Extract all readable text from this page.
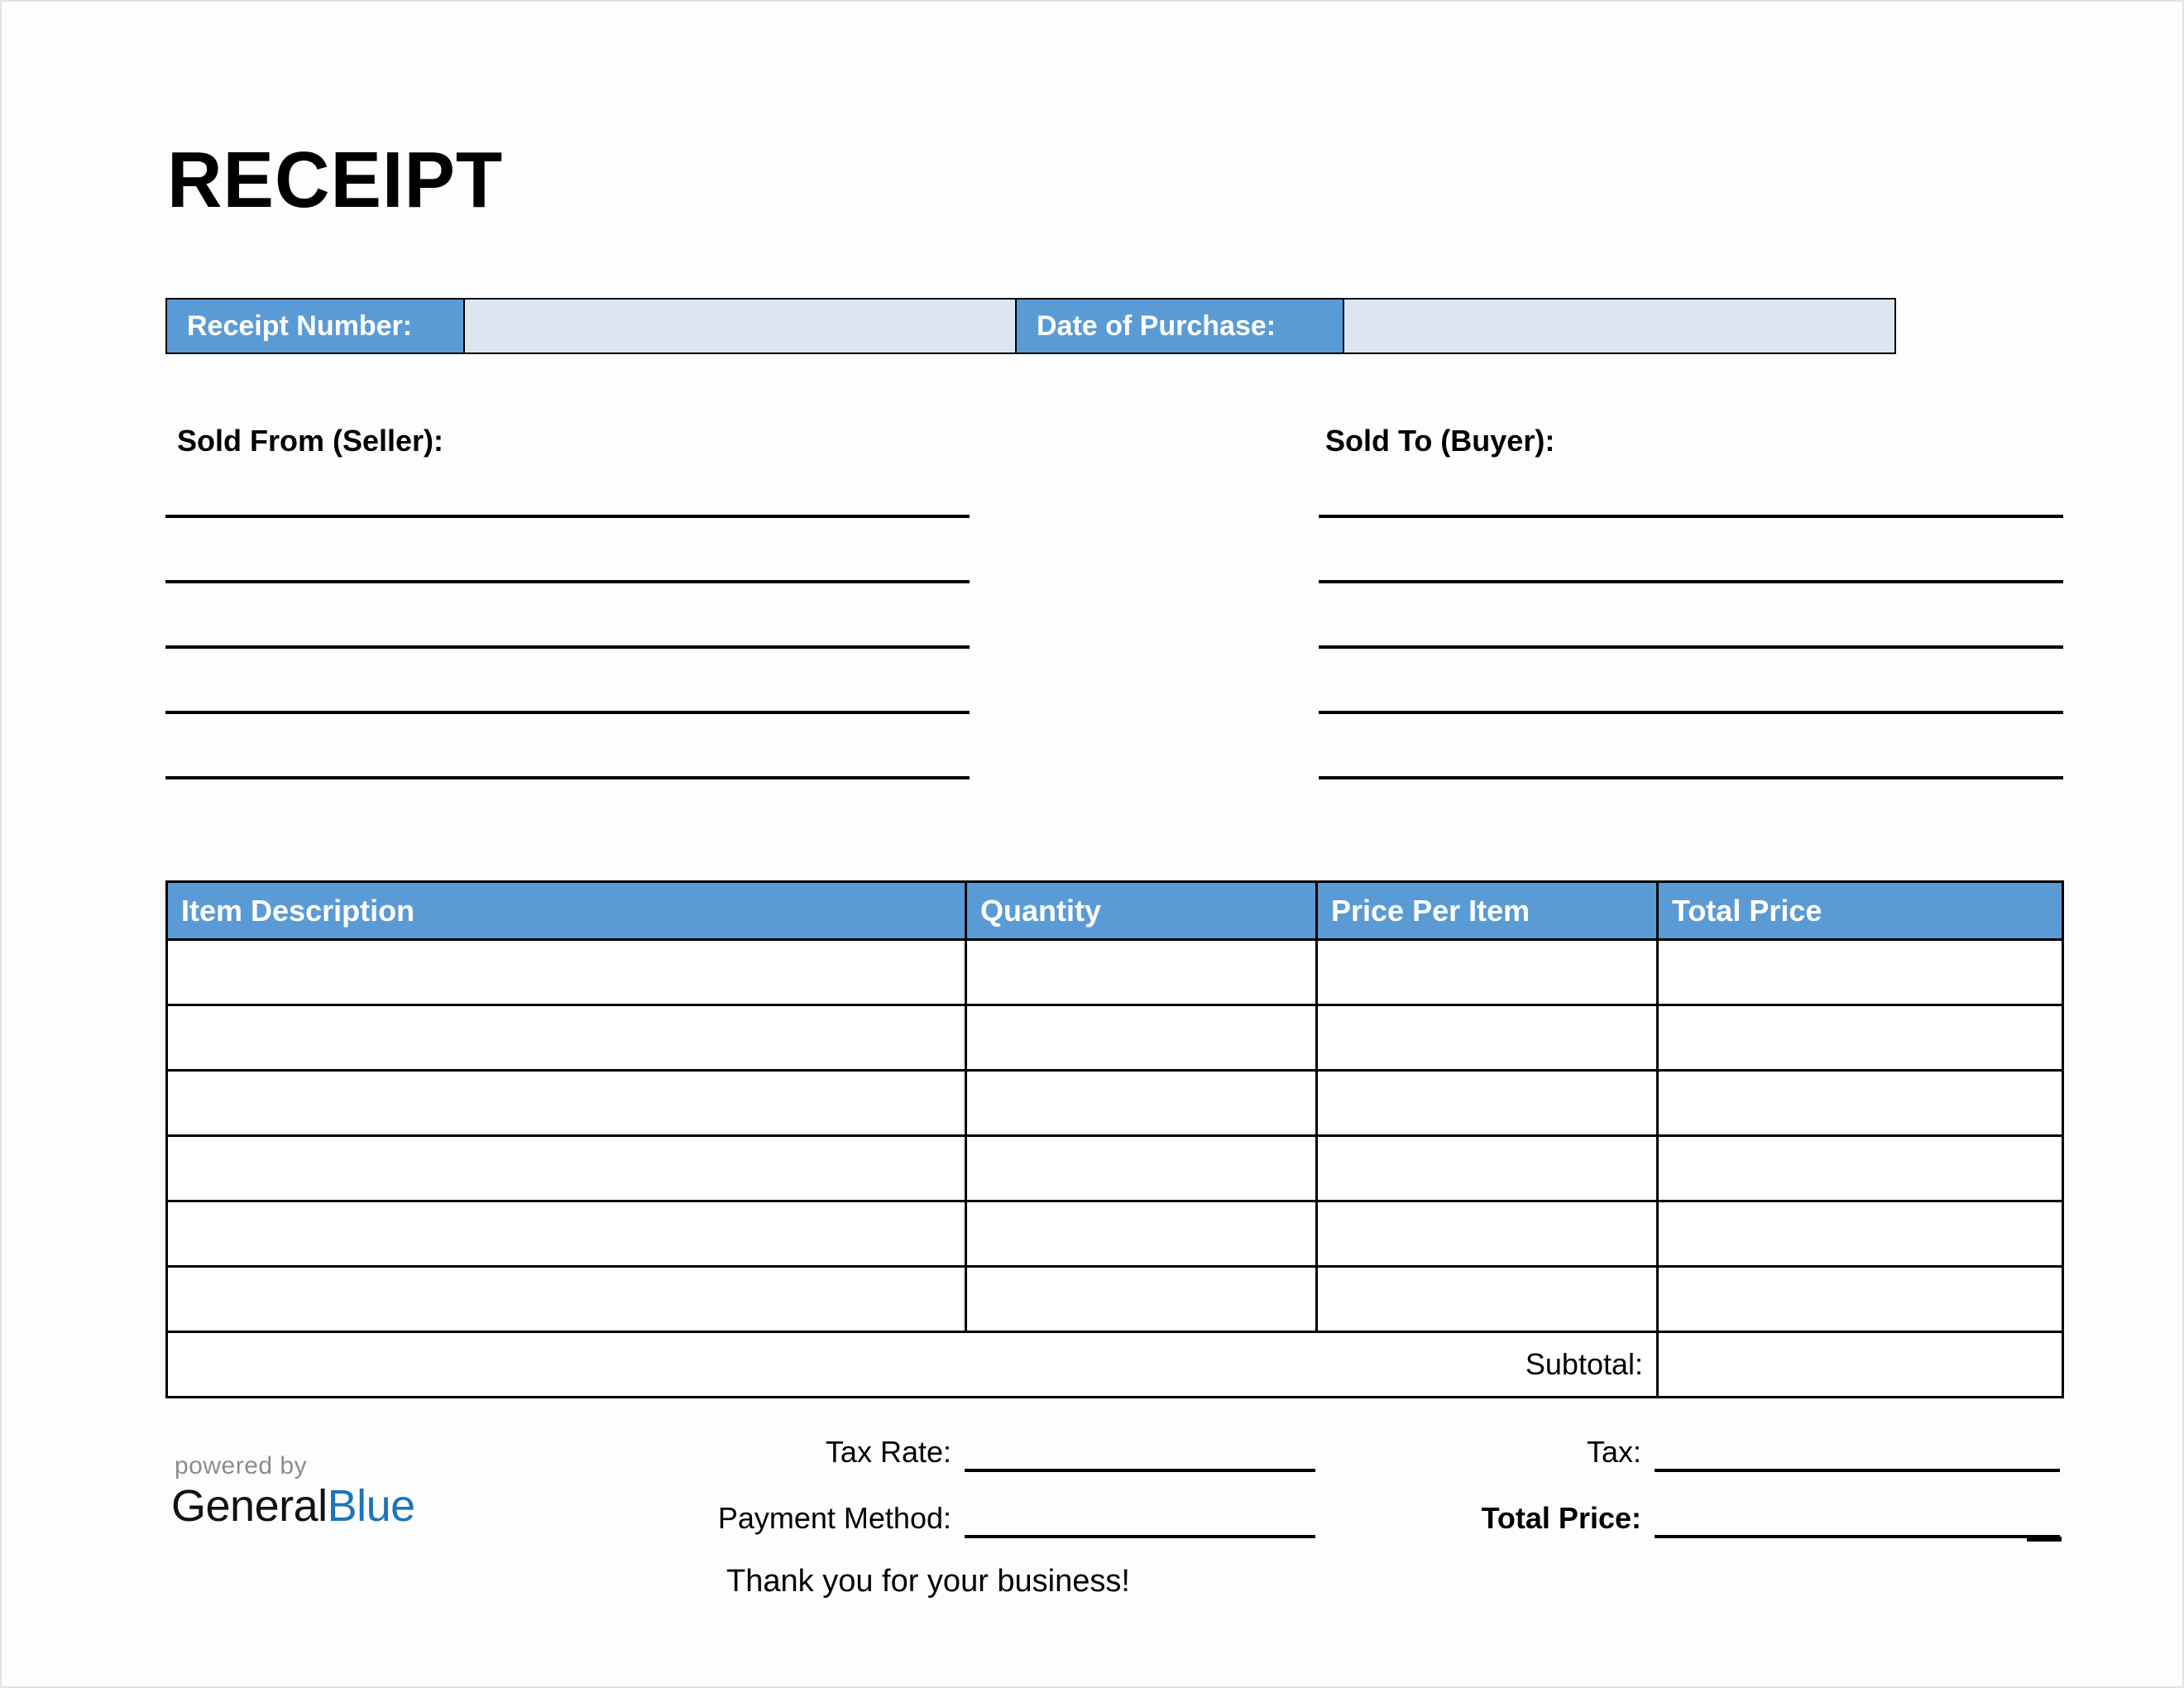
RECEIPT
Receipt Number:	Date of Purchase:
Sold From (Seller):	Sold To (Buyer):
Item Description	Quantity	Price Per Item	Total Price

Subtotal:			
powered by
GeneralBlue
Tax Rate:
Payment Method:
Tax:
Total Price:
Thank you for your business!
